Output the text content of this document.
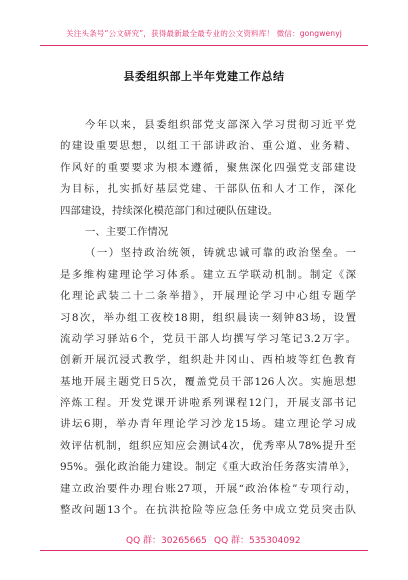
关注头条号“公文研究”，获得最新最全最专业的公文资料库！ 微信：gongwenyj
县委组织部上半年党建工作总结
今年以来，县委组织部党支部深入学习贯彻习近平党
的建设重要思想，以组工干部讲政治、重公道、业务精、
作风好的重要要求为根本遵循，聚焦深化四强党支部建设
为目标，扎实抓好基层党建、干部队伍和人才工作，深化
四部建设，持续深化模范部门和过硬队伍建设。
一、主要工作情况
（一）坚持政治统领，铸就忠诚可靠的政治堡垒。一
是多维构建理论学习体系。建立五学联动机制。制定《深
化理论武装二十二条举措》，开展理论学习中心组专题学
习8次，举办组工夜校18期，组织晨读一刻钟83场，设置
流动学习驿站6个，党员干部人均撰写学习笔记3.2万字。
创新开展沉浸式教学，组织赴井冈山、西柏坡等红色教育
基地开展主题党日5次，覆盖党员干部126人次。实施思想
淬炼工程。开发党课开讲啦系列课程12门，开展支部书记
讲坛6期，举办青年理论学习沙龙15场。建立理论学习成
效评估机制，组织应知应会测试4次，优秀率从78%提升至
95%。强化政治能力建设。制定《重大政治任务落实清单》，
建立政治要件办理台账27项，开展“政治体检”专项行动，
整改问题13个。在抗洪抢险等应急任务中成立党员突击队
QQ 群：30265665 QQ 群：535304092
